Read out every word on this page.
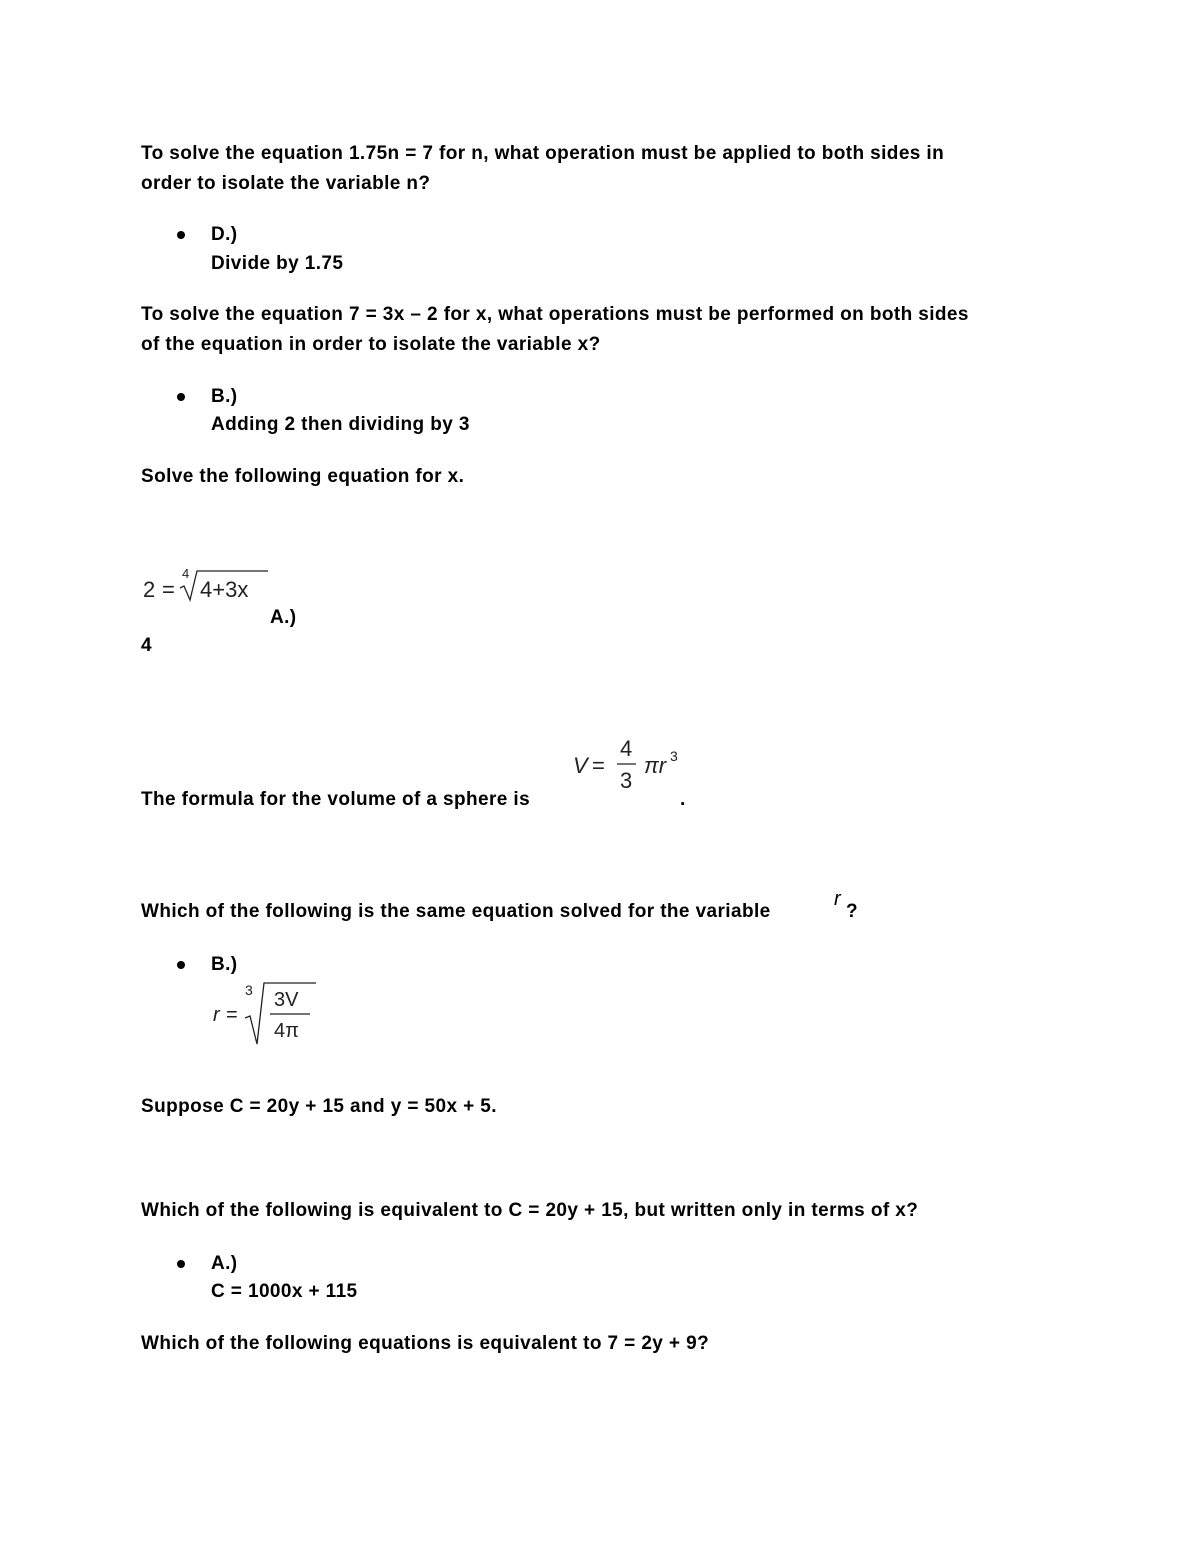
To solve the equation 1.75n = 7 for n, what operation must be applied to both sides in
order to isolate the variable n?
D.)
Divide by 1.75
To solve the equation 7 = 3x – 2 for x, what operations must be performed on both sides
of the equation in order to isolate the variable x?
B.)
Adding 2 then dividing by 3
Solve the following equation for x.
2 =
4
4+3x
A.)
4
V =
4
3
πr 3
The formula for the volume of a sphere is	.
Which of the following is the same equation solved for the variable
r
?
B.)
r =
3 3V
4π
Suppose C = 20y + 15 and y = 50x + 5.
Which of the following is equivalent to C = 20y + 15, but written only in terms of x?
A.)
C = 1000x + 115
Which of the following equations is equivalent to 7 = 2y + 9?
